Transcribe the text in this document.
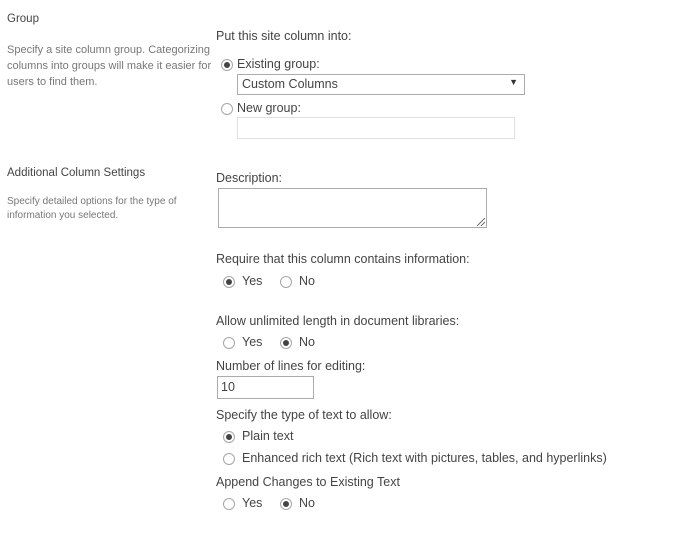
Group
Specify a site column group. Categorizing columns into groups will make it easier for users to find them.
Put this site column into:
Existing group:
Custom Columns	▼
New group:
Additional Column Settings
Specify detailed options for the type of information you selected.
Description:
Require that this column contains information:
Yes	No
Allow unlimited length in document libraries:
Yes	No
Number of lines for editing:
10
Specify the type of text to allow:
Plain text
Enhanced rich text (Rich text with pictures, tables, and hyperlinks)
Append Changes to Existing Text
Yes	No
